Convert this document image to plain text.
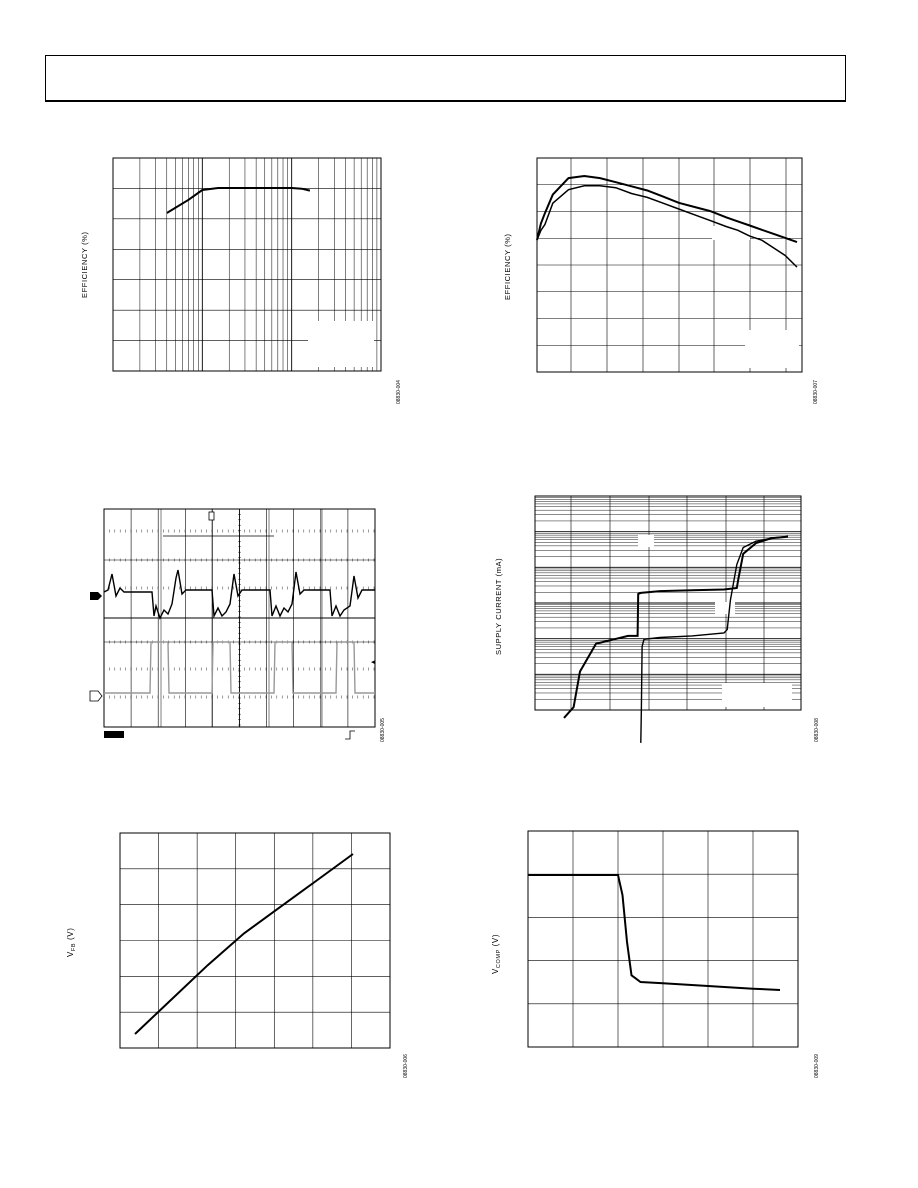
EFFICIENCY (%)
08830-004
EFFICIENCY (%)
08830-007
◂
08830-005
SUPPLY CURRENT (mA)
08830-008
$V_{FB}$ (V)
08830-006
$V_{COMP}$ (V)
08830-009
